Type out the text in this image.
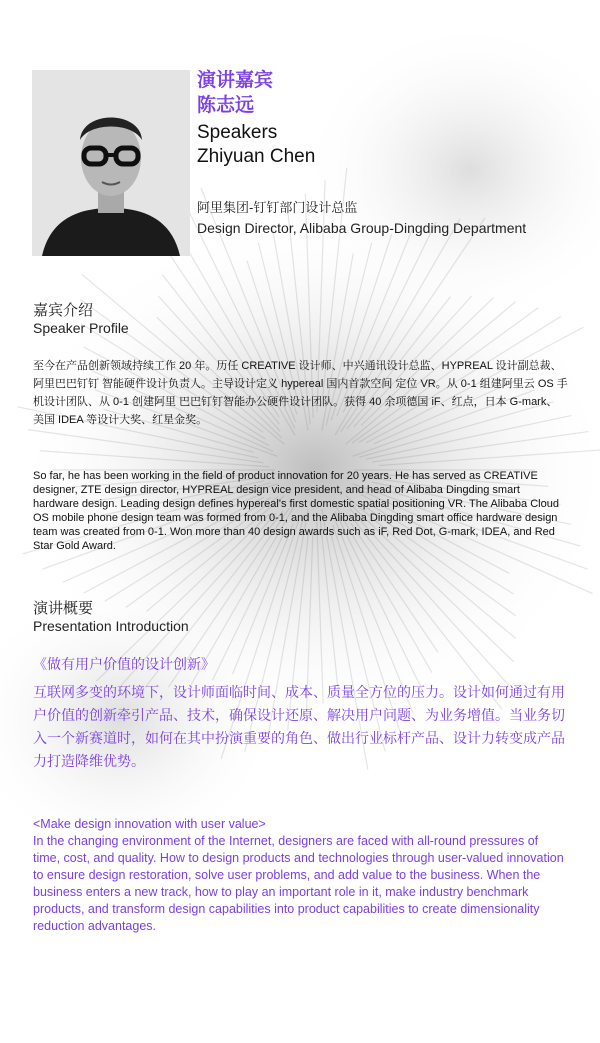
演讲嘉宾
陈志远
Speakers
Zhiyuan Chen
阿里集团-钉钉部门设计总监
Design Director, Alibaba Group-Dingding Department
嘉宾介绍
Speaker Profile
至今在产品创新领域持续工作 20 年。历任 CREATIVE 设计师、中兴通讯设计总监、HYPREAL 设计副总裁、阿里巴巴钉钉 智能硬件设计负责人。主导设计定义 hypereal 国内首款空间 定位 VR。从 0-1 组建阿里云 OS 手机设计团队、从 0-1 创建阿里 巴巴钉钉智能办公硬件设计团队。获得 40 余项德国 iF、红点，日本 G-mark、美国 IDEA 等设计大奖、红星金奖。
So far, he has been working in the field of product innovation for 20 years. He has served as CREATIVE designer, ZTE design director, HYPREAL design vice president, and head of Alibaba Dingding smart hardware design. Leading design defines hypereal's first domestic spatial positioning VR. The Alibaba Cloud OS mobile phone design team was formed from 0-1, and the Alibaba Dingding smart office hardware design team was created from 0-1. Won more than 40 design awards such as iF, Red Dot, G-mark, IDEA, and Red Star Gold Award.
演讲概要
Presentation Introduction
《做有用户价值的设计创新》
互联网多变的环境下，设计师面临时间、成本、质量全方位的压力。设计如何通过有用户价值的创新牵引产品、技术，确保设计还原、解决用户问题、为业务增值。当业务切入一个新赛道时，如何在其中扮演重要的角色、做出行业标杆产品、设计力转变成产品力打造降维优势。
<Make design innovation with user value>
In the changing environment of the Internet, designers are faced with all-round pressures of time, cost, and quality. How to design products and technologies through user-valued innovation to ensure design restoration, solve user problems, and add value to the business. When the business enters a new track, how to play an important role in it, make industry benchmark products, and transform design capabilities into product capabilities to create dimensionality reduction advantages.
